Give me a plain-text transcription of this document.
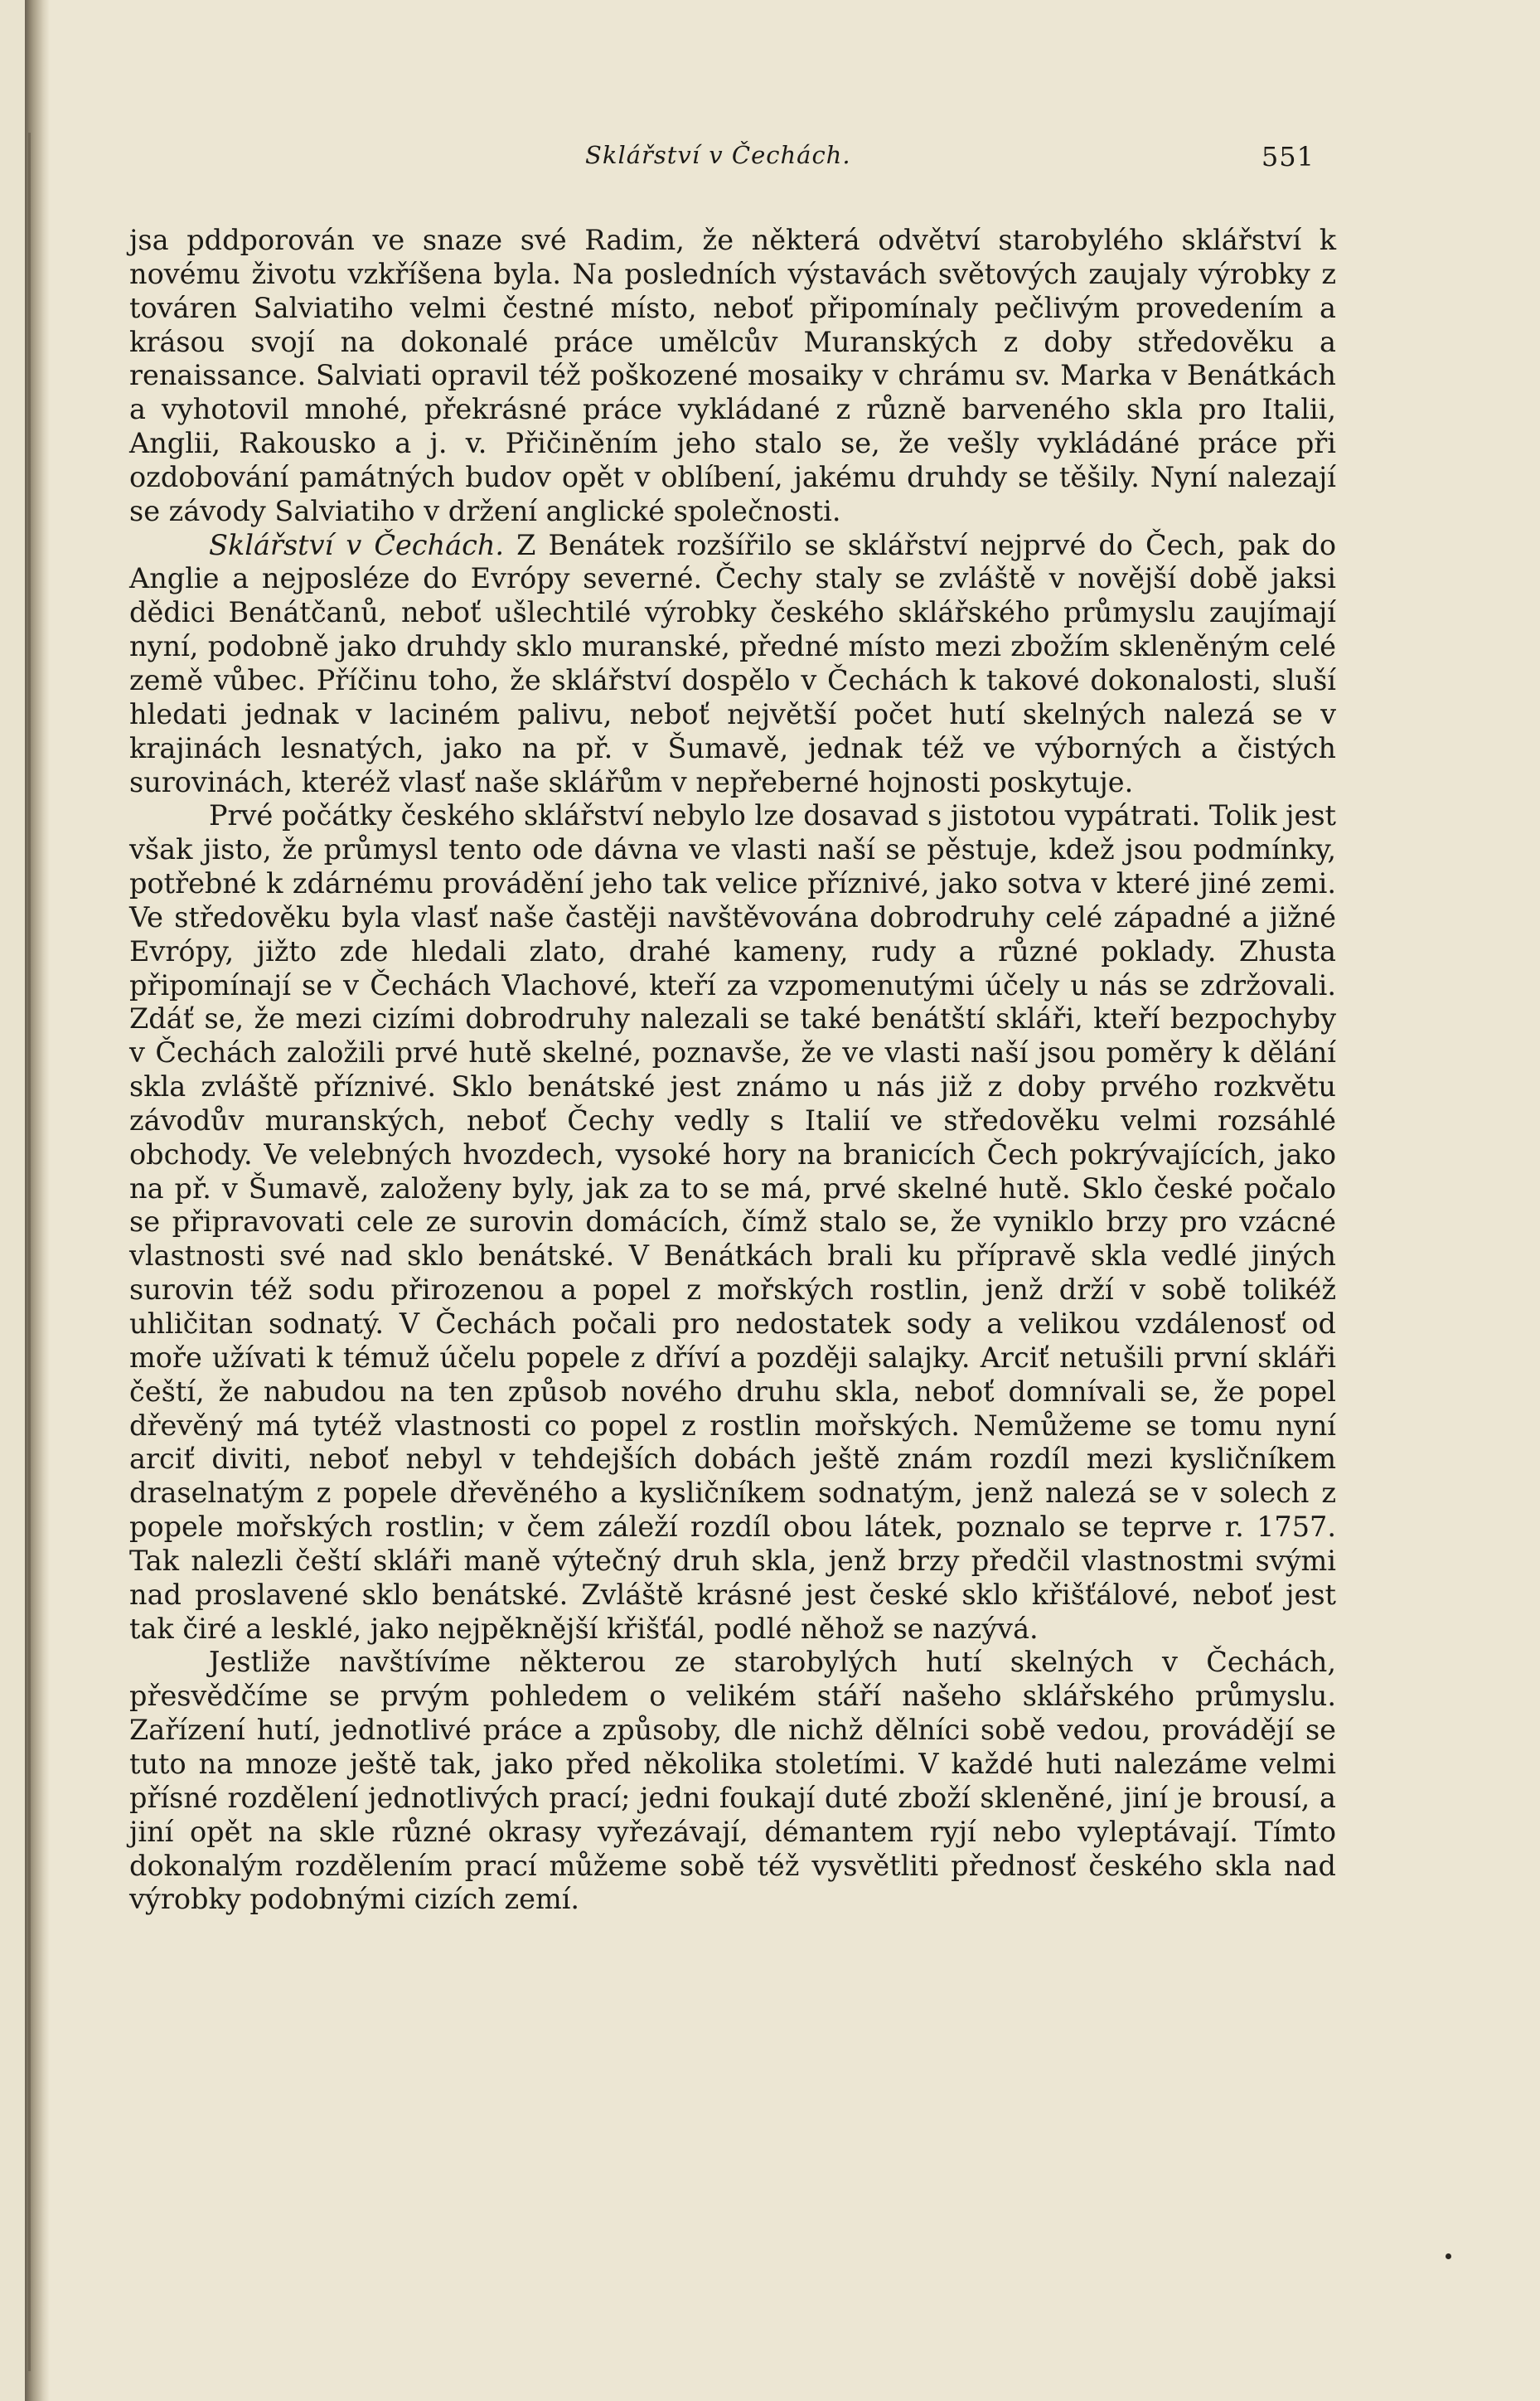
Sklářství v Čechách.	551

jsa pddporován ve snaze své Radim, že některá odvětví starobylého sklářství k novému životu vzkříšena byla. Na posledních výstavách světových zaujaly výrobky z továren Salviatiho velmi čestné místo, neboť připomínaly pečlivým provedením a krásou svojí na dokonalé práce umělcův Muranských z doby středověku a renaissance. Salviati opravil též poškozené mosaiky v chrámu sv. Marka v Benátkách a vyhotovil mnohé, překrásné práce vykládané z různě barveného skla pro Italii, Anglii, Rakousko a j. v. Přičiněním jeho stalo se, že vešly vykládáné práce při ozdobování památných budov opět v oblíbení, jakému druhdy se těšily. Nyní nalezají se závody Salviatiho v držení anglické společnosti.

Sklářství v Čechách. Z Benátek rozšířilo se sklářství nejprvé do Čech, pak do Anglie a nejposléze do Evrópy severné. Čechy staly se zvláště v novější době jaksi dědici Benátčanů, neboť ušlechtilé výrobky českého sklářského průmyslu zaujímají nyní, podobně jako druhdy sklo muranské, předné místo mezi zbožím skleněným celé země vůbec. Příčinu toho, že sklářství dospělo v Čechách k takové dokonalosti, sluší hledati jednak v laciném palivu, neboť největší počet hutí skelných nalezá se v krajinách lesnatých, jako na př. v Šumavě, jednak též ve výborných a čistých surovinách, kteréž vlasť naše sklářům v nepřeberné hojnosti poskytuje.

Prvé počátky českého sklářství nebylo lze dosavad s jistotou vypátrati. Tolik jest však jisto, že průmysl tento ode dávna ve vlasti naší se pěstuje, kdež jsou podmínky, potřebné k zdárnému provádění jeho tak velice příznivé, jako sotva v které jiné zemi. Ve středověku byla vlasť naše častěji navštěvována dobrodruhy celé západné a jižné Evrópy, jižto zde hledali zlato, drahé kameny, rudy a různé poklady. Zhusta připomínají se v Čechách Vlachové, kteří za vzpomenutými účely u nás se zdržovali. Zdáť se, že mezi cizími dobrodruhy nalezali se také benátští skláři, kteří bezpochyby v Čechách založili prvé hutě skelné, poznavše, že ve vlasti naší jsou poměry k dělání skla zvláště příznivé. Sklo benátské jest známo u nás již z doby prvého rozkvětu závodův muranských, neboť Čechy vedly s Italií ve středověku velmi rozsáhlé obchody. Ve velebných hvozdech, vysoké hory na branicích Čech pokrývajících, jako na př. v Šumavě, založeny byly, jak za to se má, prvé skelné hutě. Sklo české počalo se připravovati cele ze surovin domácích, čímž stalo se, že vyniklo brzy pro vzácné vlastnosti své nad sklo benátské. V Benátkách brali ku přípravě skla vedlé jiných surovin též sodu přirozenou a popel z mořských rostlin, jenž drží v sobě tolikéž uhličitan sodnatý. V Čechách počali pro nedostatek sody a velikou vzdálenosť od moře užívati k témuž účelu popele z dříví a později salajky. Arciť netušili první skláři čeští, že nabudou na ten způsob nového druhu skla, neboť domnívali se, že popel dřevěný má tytéž vlastnosti co popel z rostlin mořských. Nemůžeme se tomu nyní arciť diviti, neboť nebyl v tehdejších dobách ještě znám rozdíl mezi kysličníkem draselnatým z popele dřevěného a kysličníkem sodnatým, jenž nalezá se v solech z popele mořských rostlin; v čem záleží rozdíl obou látek, poznalo se teprve r. 1757. Tak nalezli čeští skláři maně výtečný druh skla, jenž brzy předčil vlastnostmi svými nad proslavené sklo benátské. Zvláště krásné jest české sklo křišťálové, neboť jest tak čiré a lesklé, jako nejpěknější křišťál, podlé něhož se nazývá.

Jestliže navštívíme některou ze starobylých hutí skelných v Čechách, přesvědčíme se prvým pohledem o velikém stáří našeho sklářského průmyslu. Zařízení hutí, jednotlivé práce a způsoby, dle nichž dělníci sobě vedou, provádějí se tuto na mnoze ještě tak, jako před několika stoletími. V každé huti nalezáme velmi přísné rozdělení jednotlivých prací; jedni foukají duté zboží skleněné, jiní je brousí, a jiní opět na skle různé okrasy vyřezávají, démantem ryjí nebo vyleptávají. Tímto dokonalým rozdělením prací můžeme sobě též vysvětliti přednosť českého skla nad výrobky podobnými cizích zemí.
